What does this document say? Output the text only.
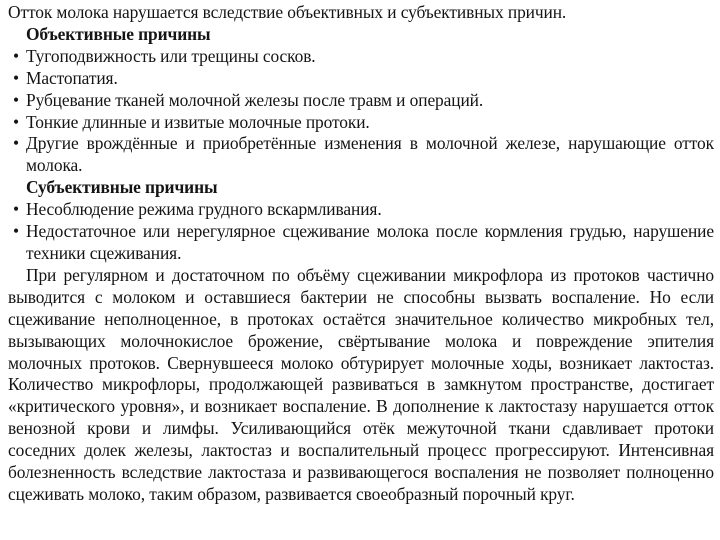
Отток молока нарушается вследствие объективных и субъективных причин.

Объективные причины

• Тугоподвижность или трещины сосков.
• Мастопатия.
• Рубцевание тканей молочной железы после травм и операций.
• Тонкие длинные и извитые молочные протоки.
• Другие врождённые и приобретённые изменения в молочной железе, нарушающие отток молока.

Субъективные причины

• Несоблюдение режима грудного вскармливания.
• Недостаточное или нерегулярное сцеживание молока после кормления грудью, нарушение техники сцеживания.

При регулярном и достаточном по объёму сцеживании микрофлора из протоков частично выводится с молоком и оставшиеся бактерии не способны вызвать воспаление. Но если сцеживание неполноценное, в протоках остаётся значительное количество микробных тел, вызывающих молочнокислое брожение, свёртывание молока и повреждение эпителия молочных протоков. Свернувшееся молоко обтурирует молочные ходы, возникает лактостаз. Количество микрофлоры, продолжающей развиваться в замкнутом пространстве, достигает «критического уровня», и возникает воспаление. В дополнение к лактостазу нарушается отток венозной крови и лимфы. Усиливающийся отёк межуточной ткани сдавливает протоки соседних долек железы, лактостаз и воспалительный процесс прогрессируют. Интенсивная болезненность вследствие лактостаза и развивающегося воспаления не позволяет полноценно сцеживать молоко, таким образом, развивается своеобразный порочный круг.
